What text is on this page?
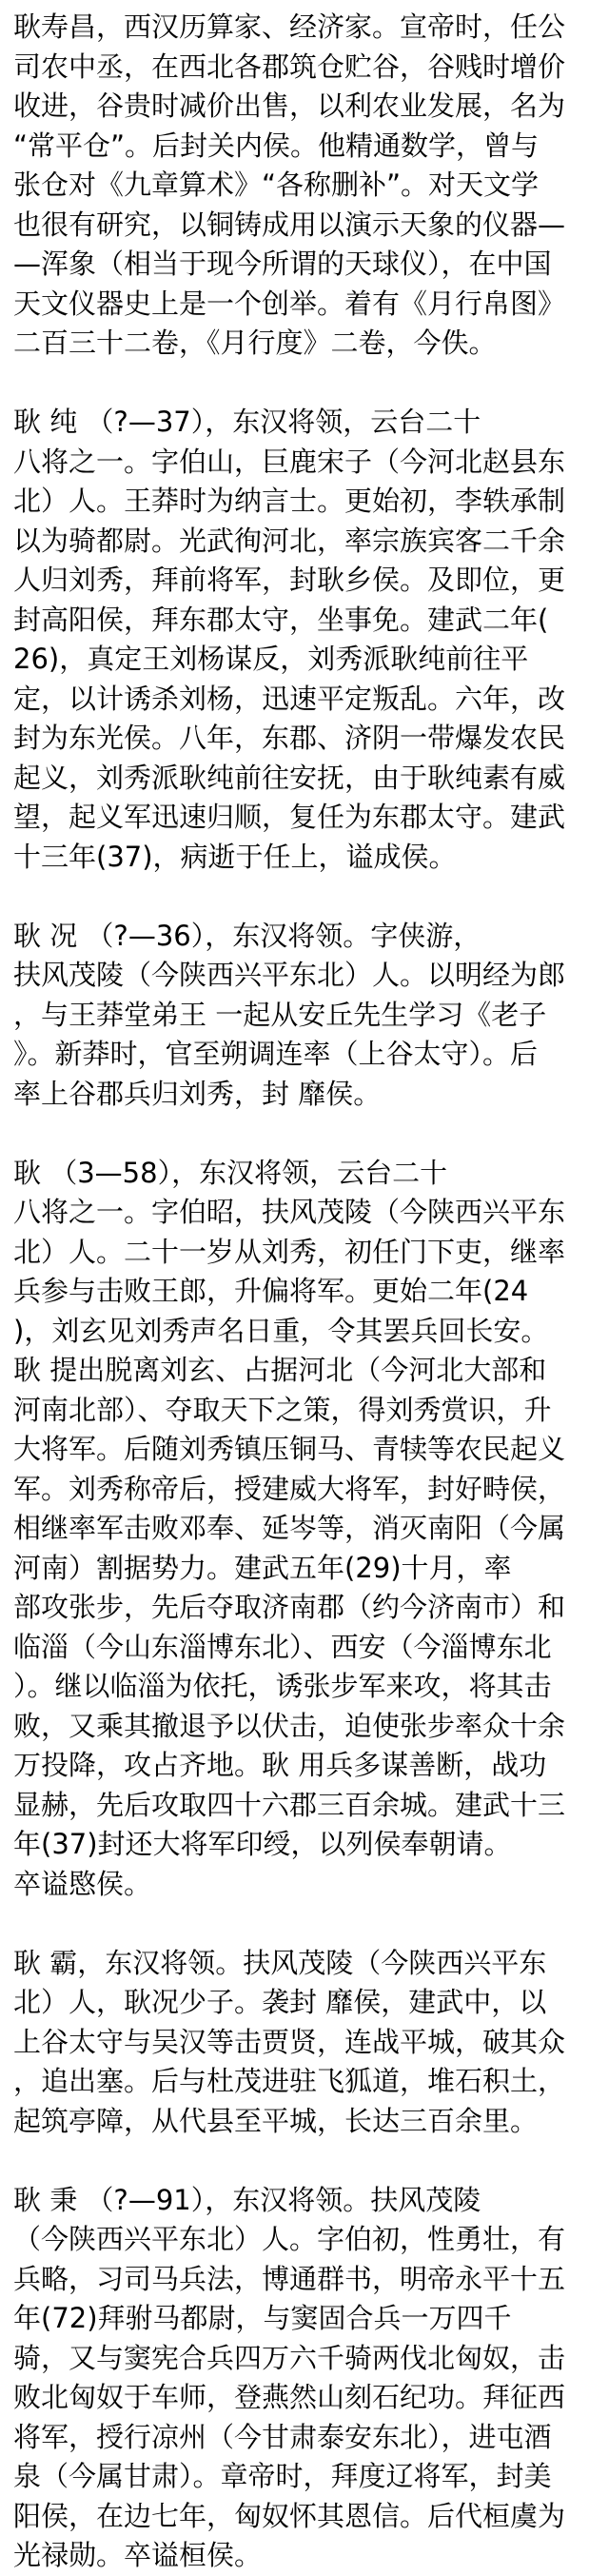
耿寿昌，西汉历算家、经济家。宣帝时，任公
司农中丞，在西北各郡筑仓贮谷，谷贱时增价
收进，谷贵时减价出售，以利农业发展，名为
“常平仓”。后封关内侯。他精通数学，曾与
张仓对《九章算术》“各称删补”。对天文学
也很有研究，以铜铸成用以演示天象的仪器—
—浑象（相当于现今所谓的天球仪），在中国
天文仪器史上是一个创举。着有《月行帛图》
二百三十二卷，《月行度》二卷，今佚。
耿 纯 （?—37），东汉将领，云台二十
八将之一。字伯山，巨鹿宋子（今河北赵县东
北）人。王莽时为纳言士。更始初，李轶承制
以为骑都尉。光武徇河北，率宗族宾客二千余
人归刘秀，拜前将军，封耿乡侯。及即位，更
封高阳侯，拜东郡太守，坐事免。建武二年(
26)，真定王刘杨谋反，刘秀派耿纯前往平
定，以计诱杀刘杨，迅速平定叛乱。六年，改
封为东光侯。八年，东郡、济阴一带爆发农民
起义，刘秀派耿纯前往安抚，由于耿纯素有威
望，起义军迅速归顺，复任为东郡太守。建武
十三年(37)，病逝于任上，谥成侯。
耿 况 （?—36），东汉将领。字侠游，
扶风茂陵（今陕西兴平东北）人。以明经为郎
，与王莽堂弟王 一起从安丘先生学习《老子
》。新莽时，官至朔调连率（上谷太守）。后
率上谷郡兵归刘秀，封 靡侯。
耿 （3—58），东汉将领，云台二十
八将之一。字伯昭，扶风茂陵（今陕西兴平东
北）人。二十一岁从刘秀，初任门下吏，继率
兵参与击败王郎，升偏将军。更始二年(24
)，刘玄见刘秀声名日重，令其罢兵回长安。
耿 提出脱离刘玄、占据河北（今河北大部和
河南北部）、夺取天下之策，得刘秀赏识，升
大将军。后随刘秀镇压铜马、青犊等农民起义
军。刘秀称帝后，授建威大将军，封好畤侯，
相继率军击败邓奉、延岑等，消灭南阳（今属
河南）割据势力。建武五年(29)十月，率
部攻张步，先后夺取济南郡（约今济南市）和
临淄（今山东淄博东北）、西安（今淄博东北
）。继以临淄为依托，诱张步军来攻，将其击
败，又乘其撤退予以伏击，迫使张步率众十余
万投降，攻占齐地。耿 用兵多谋善断，战功
显赫，先后攻取四十六郡三百余城。建武十三
年(37)封还大将军印绶，以列侯奉朝请。
卒谥愍侯。
耿 霸，东汉将领。扶风茂陵（今陕西兴平东
北）人，耿况少子。袭封 靡侯，建武中，以
上谷太守与吴汉等击贾贤，连战平城，破其众
，追出塞。后与杜茂进驻飞狐道，堆石积土，
起筑亭障，从代县至平城，长达三百余里。
耿 秉 （?—91），东汉将领。扶风茂陵
（今陕西兴平东北）人。字伯初，性勇壮，有
兵略，习司马兵法，博通群书，明帝永平十五
年(72)拜驸马都尉，与窦固合兵一万四千
骑，又与窦宪合兵四万六千骑两伐北匈奴，击
败北匈奴于车师，登燕然山刻石纪功。拜征西
将军，授行凉州（今甘肃泰安东北），进屯酒
泉（今属甘肃）。章帝时，拜度辽将军，封美
阳侯，在边七年，匈奴怀其恩信。后代桓虞为
光禄勋。卒谥桓侯。
